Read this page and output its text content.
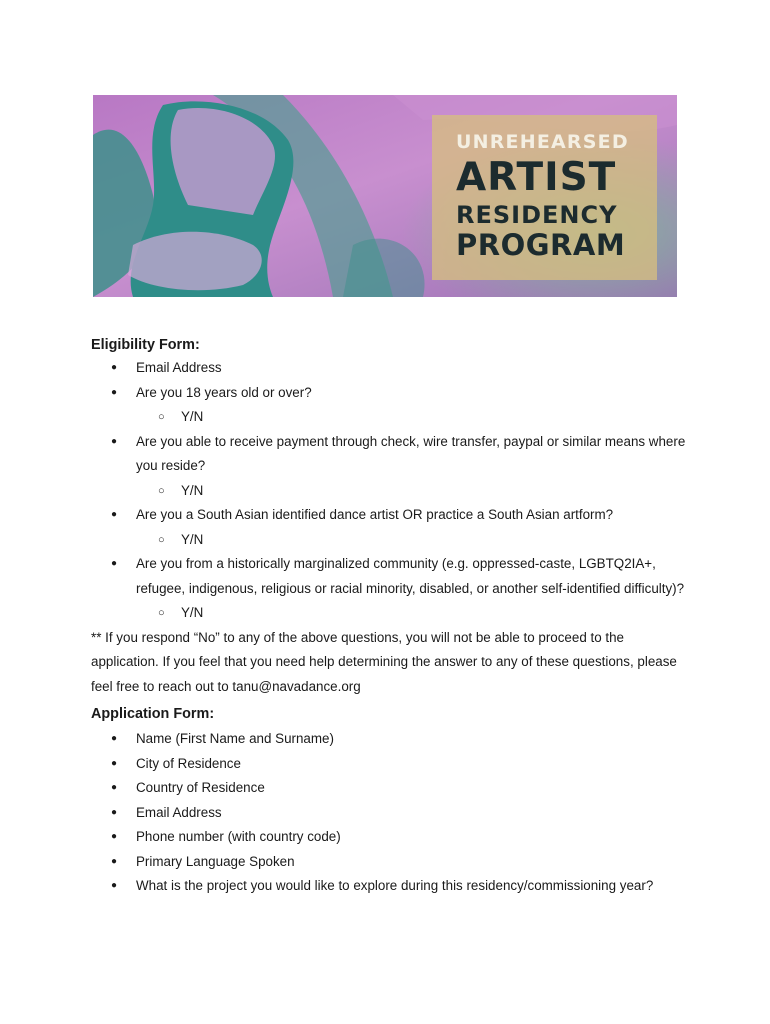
UNREHEARSED
ARTIST
RESIDENCY
PROGRAM
Eligibility Form:
● Email Address
● Are you 18 years old or over?
○ Y/N
● Are you able to receive payment through check, wire transfer, paypal or similar means where you reside?
○ Y/N
● Are you a South Asian identified dance artist OR practice a South Asian artform?
○ Y/N
● Are you from a historically marginalized community (e.g. oppressed-caste, LGBTQ2IA+, refugee, indigenous, religious or racial minority, disabled, or another self-identified difficulty)?
○ Y/N

** If you respond “No” to any of the above questions, you will not be able to proceed to the application. If you feel that you need help determining the answer to any of these questions, please feel free to reach out to tanu@navadance.org

Application Form:
● Name (First Name and Surname)
● City of Residence
● Country of Residence
● Email Address
● Phone number (with country code)
● Primary Language Spoken
● What is the project you would like to explore during this residency/commissioning year?
